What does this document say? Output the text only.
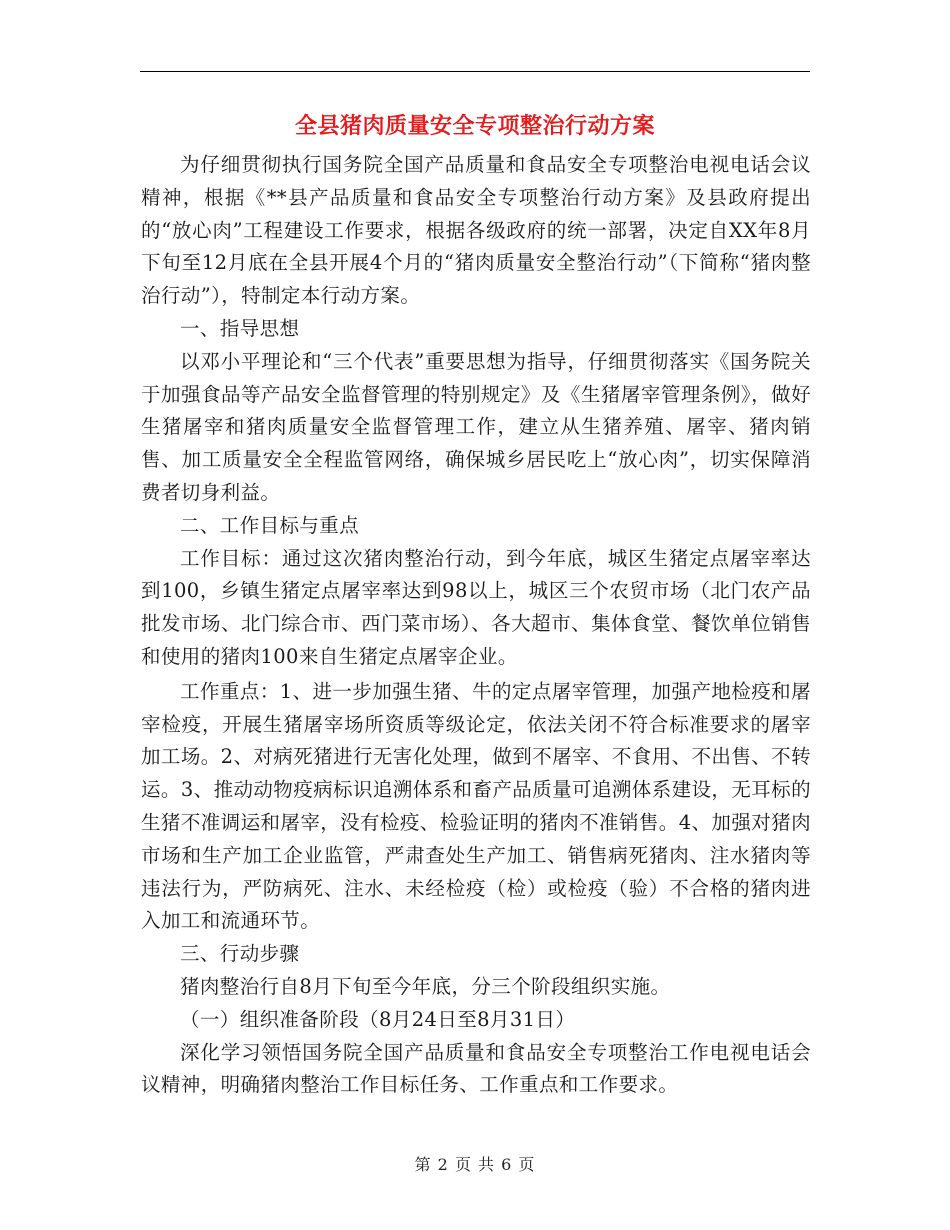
全县猪肉质量安全专项整治行动方案

为仔细贯彻执行国务院全国产品质量和食品安全专项整治电视电话会议精神，根据《**县产品质量和食品安全专项整治行动方案》及县政府提出的“放心肉”工程建设工作要求，根据各级政府的统一部署，决定自XX年8月下旬至12月底在全县开展4个月的“猪肉质量安全整治行动”（下简称“猪肉整治行动”），特制定本行动方案。

一、指导思想

以邓小平理论和“三个代表”重要思想为指导，仔细贯彻落实《国务院关于加强食品等产品安全监督管理的特别规定》及《生猪屠宰管理条例》，做好生猪屠宰和猪肉质量安全监督管理工作，建立从生猪养殖、屠宰、猪肉销售、加工质量安全全程监管网络，确保城乡居民吃上“放心肉”，切实保障消费者切身利益。

二、工作目标与重点

工作目标：通过这次猪肉整治行动，到今年底，城区生猪定点屠宰率达到100，乡镇生猪定点屠宰率达到98以上，城区三个农贸市场（北门农产品批发市场、北门综合市、西门菜市场）、各大超市、集体食堂、餐饮单位销售和使用的猪肉100来自生猪定点屠宰企业。

工作重点：1、进一步加强生猪、牛的定点屠宰管理，加强产地检疫和屠宰检疫，开展生猪屠宰场所资质等级论定，依法关闭不符合标准要求的屠宰加工场。2、对病死猪进行无害化处理，做到不屠宰、不食用、不出售、不转运。3、推动动物疫病标识追溯体系和畜产品质量可追溯体系建设，无耳标的生猪不准调运和屠宰，没有检疫、检验证明的猪肉不准销售。4、加强对猪肉市场和生产加工企业监管，严肃查处生产加工、销售病死猪肉、注水猪肉等违法行为，严防病死、注水、未经检疫（检）或检疫（验）不合格的猪肉进入加工和流通环节。

三、行动步骤

猪肉整治行自8月下旬至今年底，分三个阶段组织实施。

（一）组织准备阶段（8月24日至8月31日）

深化学习领悟国务院全国产品质量和食品安全专项整治工作电视电话会议精神，明确猪肉整治工作目标任务、工作重点和工作要求。

第 2 页 共 6 页
